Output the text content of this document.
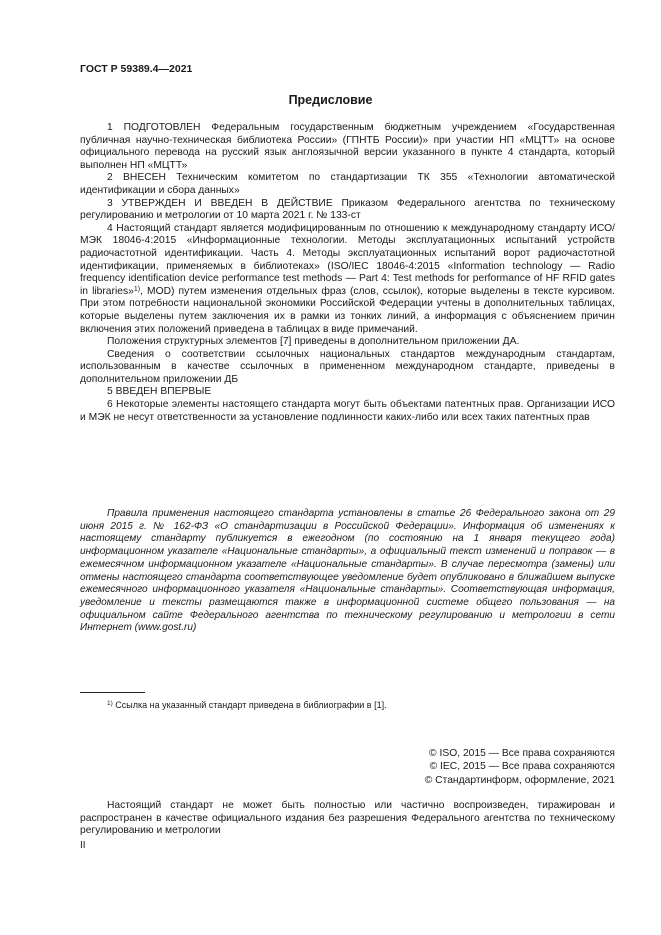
ГОСТ Р 59389.4—2021
Предисловие

1 ПОДГОТОВЛЕН Федеральным государственным бюджетным учреждением «Государственная публичная научно-техническая библиотека России» (ГПНТБ России)» при участии НП «МЦТТ» на основе официального перевода на русский язык англоязычной версии указанного в пункте 4 стандарта, который выполнен НП «МЦТТ»

2 ВНЕСЕН Техническим комитетом по стандартизации ТК 355 «Технологии автоматической идентификации и сбора данных»

3 УТВЕРЖДЕН И ВВЕДЕН В ДЕЙСТВИЕ Приказом Федерального агентства по техническому регулированию и метрологии от 10 марта 2021 г. № 133-ст

4 Настоящий стандарт является модифицированным по отношению к международному стандарту ИСО/МЭК 18046-4:2015 «Информационные технологии. Методы эксплуатационных испытаний устройств радиочастотной идентификации. Часть 4. Методы эксплуатационных испытаний ворот радиочастотной идентификации, применяемых в библиотеках» (ISO/IEC 18046-4:2015 «Information technology — Radio frequency identification device performance test methods — Part 4: Test methods for performance of HF RFID gates in libraries»$^{1)}$, MOD) путем изменения отдельных фраз (слов, ссылок), которые выделены в тексте курсивом. При этом потребности национальной экономики Российской Федерации учтены в дополнительных таблицах, которые выделены путем заключения их в рамки из тонких линий, а информация с объяснением причин включения этих положений приведена в таблицах в виде примечаний.

Положения структурных элементов [7] приведены в дополнительном приложении ДА.

Сведения о соответствии ссылочных национальных стандартов международным стандартам, использованным в качестве ссылочных в примененном международном стандарте, приведены в дополнительном приложении ДБ

5 ВВЕДЕН ВПЕРВЫЕ

6 Некоторые элементы настоящего стандарта могут быть объектами патентных прав. Организации ИСО и МЭК не несут ответственности за установление подлинности каких-либо или всех таких патентных прав

Правила применения настоящего стандарта установлены в статье 26 Федерального закона от 29 июня 2015 г. № 162-ФЗ «О стандартизации в Российской Федерации». Информация об изменениях к настоящему стандарту публикуется в ежегодном (по состоянию на 1 января текущего года) информационном указателе «Национальные стандарты», а официальный текст изменений и поправок — в ежемесячном информационном указателе «Национальные стандарты». В случае пересмотра (замены) или отмены настоящего стандарта соответствующее уведомление будет опубликовано в ближайшем выпуске ежемесячного информационного указателя «Национальные стандарты». Соответствующая информация, уведомление и тексты размещаются также в информационной системе общего пользования — на официальном сайте Федерального агентства по техническому регулированию и метрологии в сети Интернет (www.gost.ru)
$^{1)}$ Ссылка на указанный стандарт приведена в библиографии в [1].
© ISO, 2015 — Все права сохраняются
© IEC, 2015 — Все права сохраняются
© Стандартинформ, оформление, 2021
Настоящий стандарт не может быть полностью или частично воспроизведен, тиражирован и распространен в качестве официального издания без разрешения Федерального агентства по техническому регулированию и метрологии
II
